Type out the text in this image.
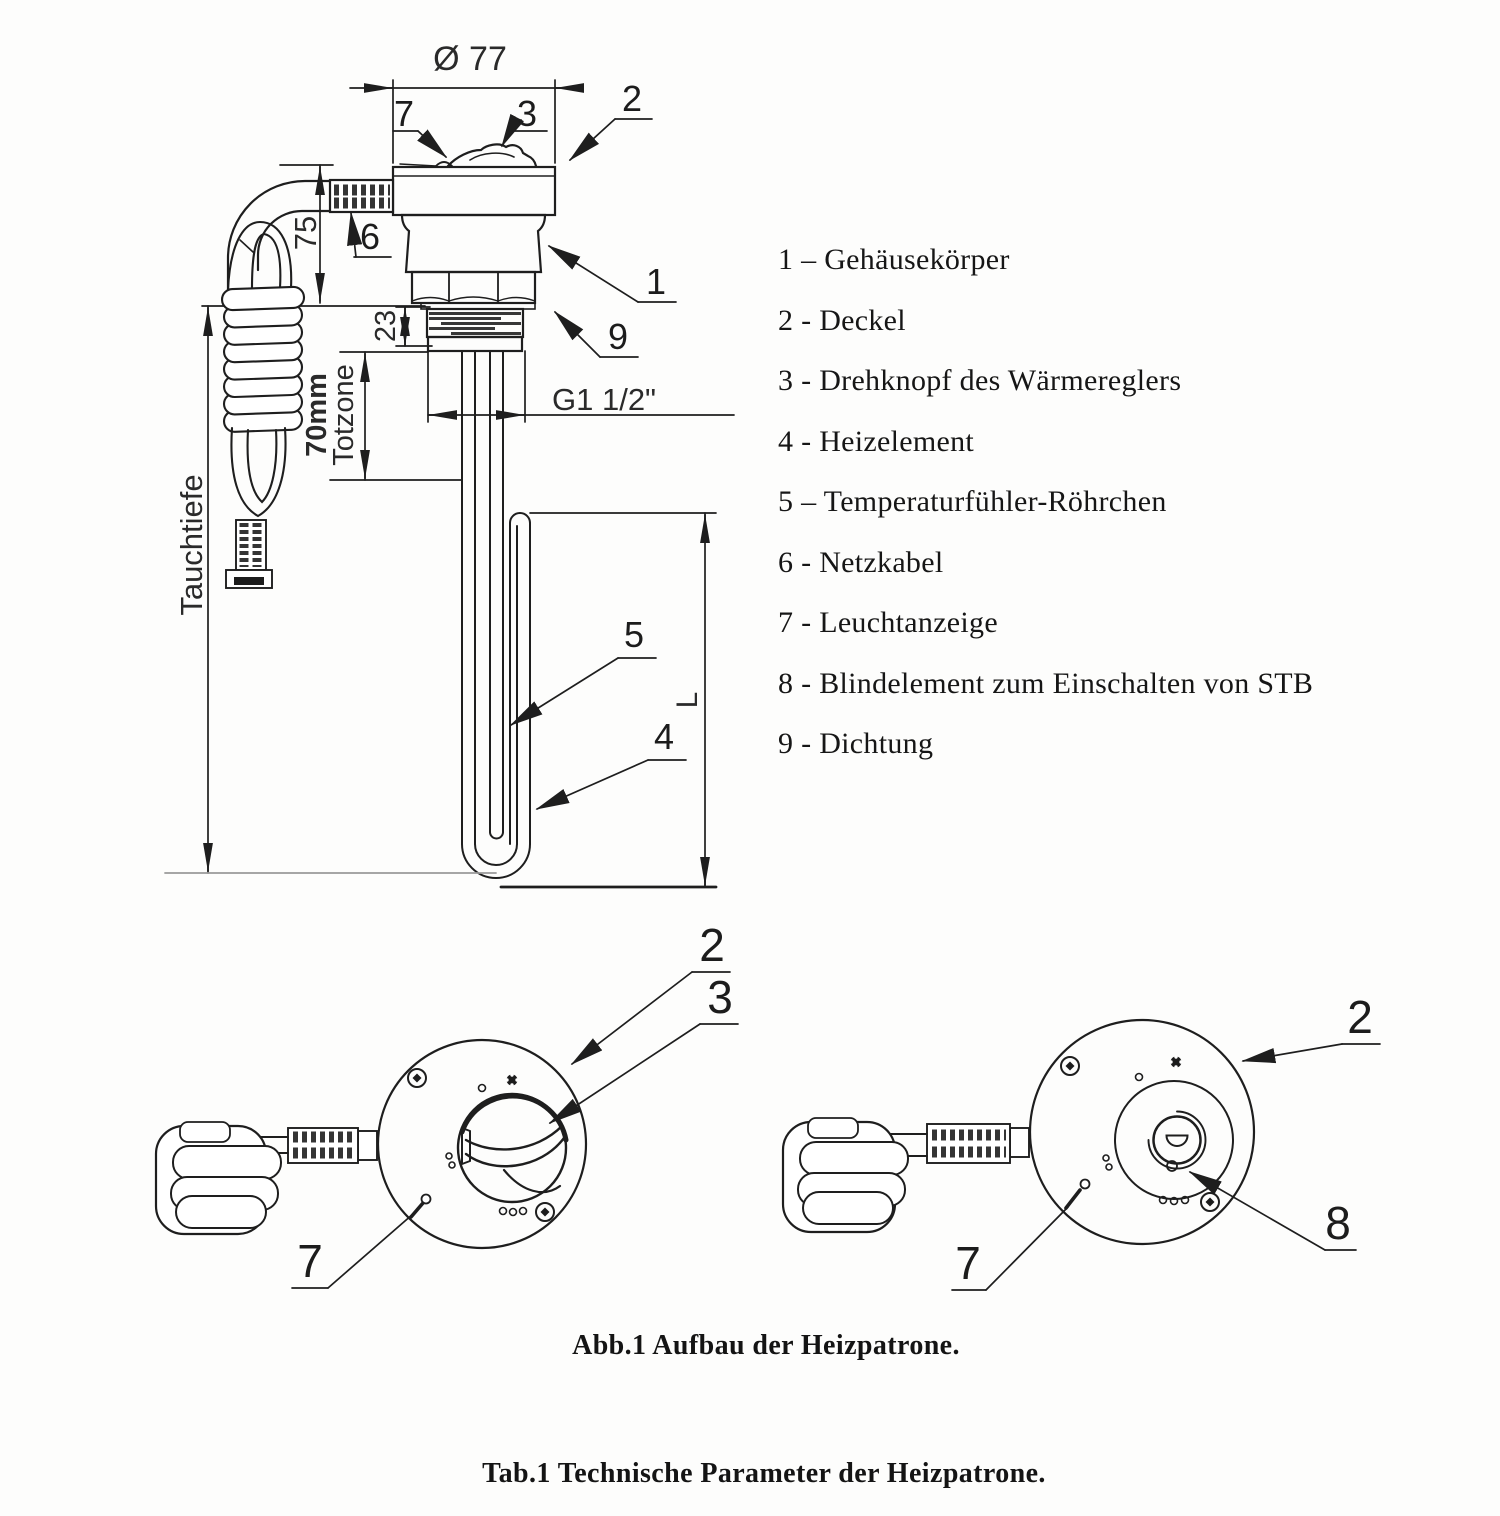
Ø 77
75
23
70mm
Totzone
Tauchtiefe
G1 1/2"
L
7	3 2
1
9
6
5
4
2
3
7
2
8
7
1 – Gehäusekörper
2 - Deckel
3 - Drehknopf des Wärmereglers
4 - Heizelement
5 – Temperaturfühler-Röhrchen
6 - Netzkabel
7 - Leuchtanzeige
8 - Blindelement zum Einschalten von STB
9 - Dichtung
Abb.1 Aufbau der Heizpatrone.
Tab.1 Technische Parameter der Heizpatrone.
